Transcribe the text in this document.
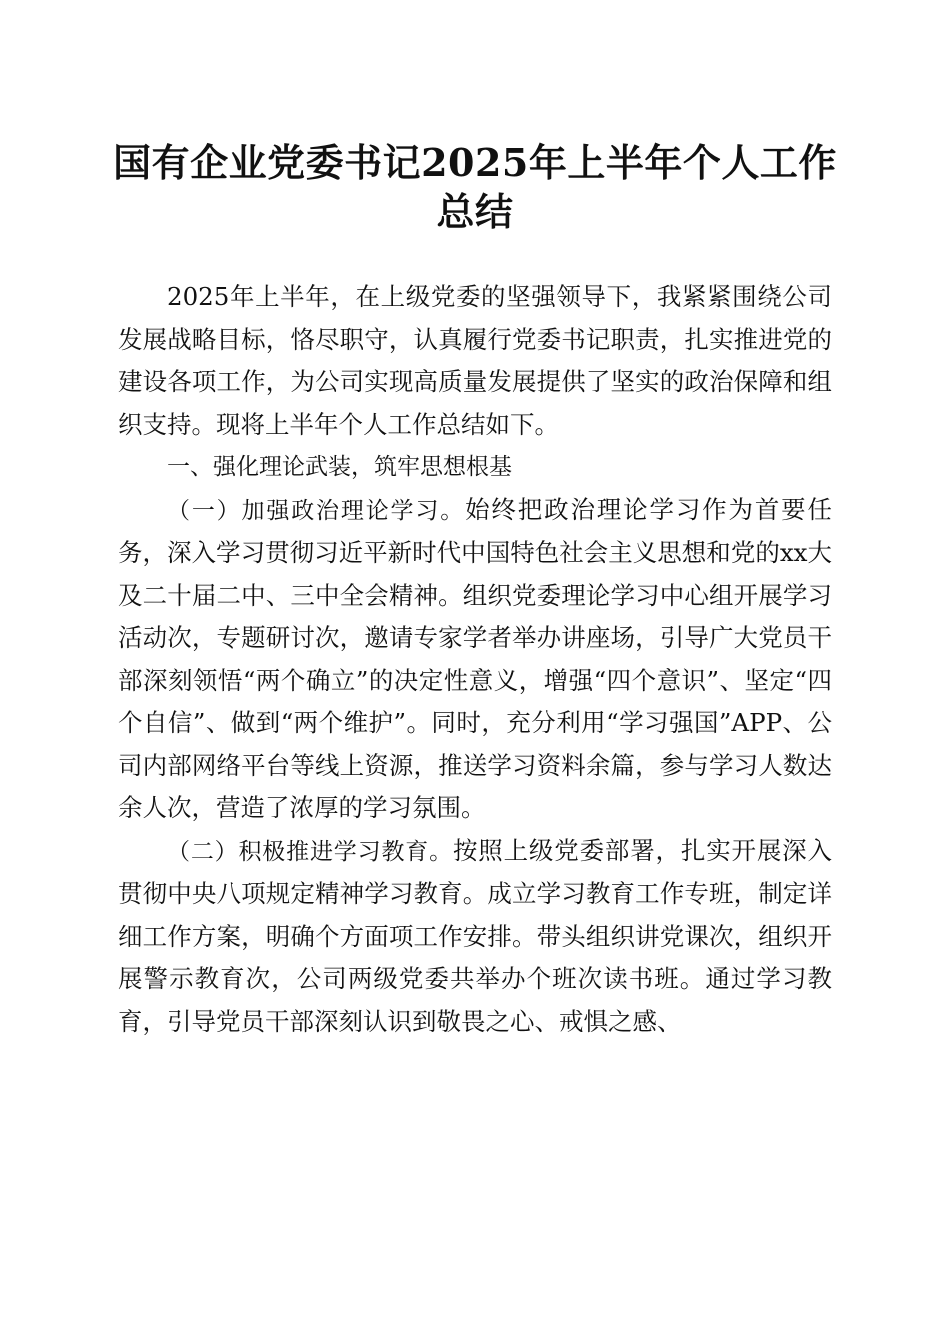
国有企业党委书记2025年上半年个人工作总结

2025年上半年，在上级党委的坚强领导下，我紧紧围绕公司发展战略目标，恪尽职守，认真履行党委书记职责，扎实推进党的建设各项工作，为公司实现高质量发展提供了坚实的政治保障和组织支持。现将上半年个人工作总结如下。

一、强化理论武装，筑牢思想根基

（一）加强政治理论学习。始终把政治理论学习作为首要任务，深入学习贯彻习近平新时代中国特色社会主义思想和党的xx大及二十届二中、三中全会精神。组织党委理论学习中心组开展学习活动次，专题研讨次，邀请专家学者举办讲座场，引导广大党员干部深刻领悟“两个确立”的决定性意义，增强“四个意识”、坚定“四个自信”、做到“两个维护”。同时，充分利用“学习强国”APP、公司内部网络平台等线上资源，推送学习资料余篇，参与学习人数达余人次，营造了浓厚的学习氛围。

（二）积极推进学习教育。按照上级党委部署，扎实开展深入贯彻中央八项规定精神学习教育。成立学习教育工作专班，制定详细工作方案，明确个方面项工作安排。带头组织讲党课次，组织开展警示教育次，公司两级党委共举办个班次读书班。通过学习教育，引导党员干部深刻认识到敬畏之心、戒惧之感、
